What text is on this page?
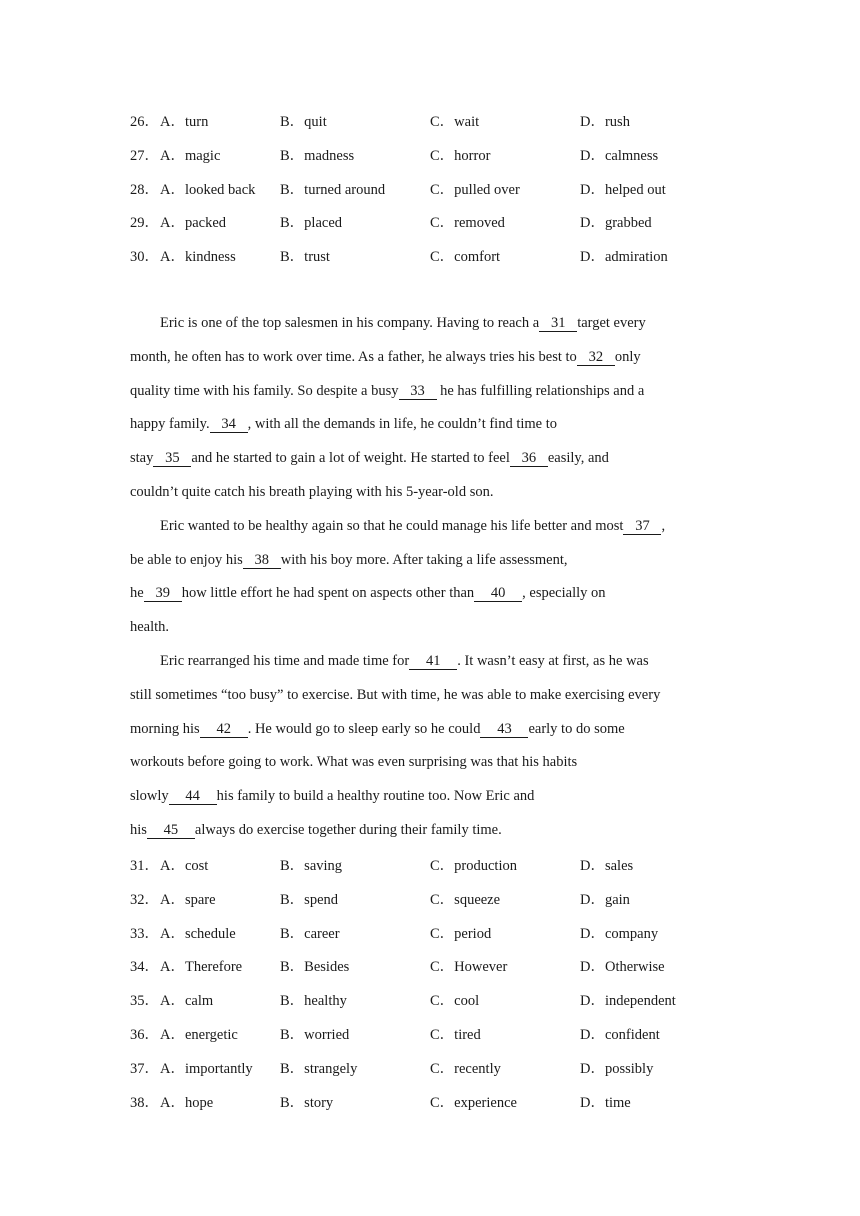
26． A．turn	B．quit	C．wait	D．rush
27． A．magic	B．madness	C．horror	D．calmness
28． A．looked back B．turned around	C．pulled over	D．helped out
29． A．packed	B．placed	C．removed	D．grabbed
30． A．kindness	B．trust	C．comfort	D．admiration
Eric is one of the top salesmen in his company. Having to reach a 31 target every
month, he often has to work over time. As a father, he always tries his best to 32 only
quality time with his family. So despite a busy 33 he has fulfilling relationships and a
happy family. 34 , with all the demands in life, he couldn’t find time to
stay 35 and he started to gain a lot of weight. He started to feel 36 easily, and
couldn’t quite catch his breath playing with his 5-year-old son.
Eric wanted to be healthy again so that he could manage his life better and most 37 ,
be able to enjoy his 38 with his boy more. After taking a life assessment,
he 39 how little effort he had spent on aspects other than 40 , especially on
health.
Eric rearranged his time and made time for 41 . It wasn’t easy at first, as he was
still sometimes “too busy” to exercise. But with time, he was able to make exercising every
morning his 42 . He would go to sleep early so he could 43 early to do some
workouts before going to work. What was even surprising was that his habits
slowly 44 his family to build a healthy routine too. Now Eric and
his 45 always do exercise together during their family time.
31． A．cost	B．saving	C．production	D．sales
32． A．spare	B．spend	C．squeeze	D．gain
33． A．schedule	B．career	C．period	D．company
34． A．Therefore	B．Besides	C．However	D．Otherwise
35． A．calm	B．healthy	C．cool	D．independent
36． A．energetic	B．worried	C．tired	D．confident
37． A．importantly B．strangely	C．recently	D．possibly
38． A．hope	B．story	C．experience	D．time
